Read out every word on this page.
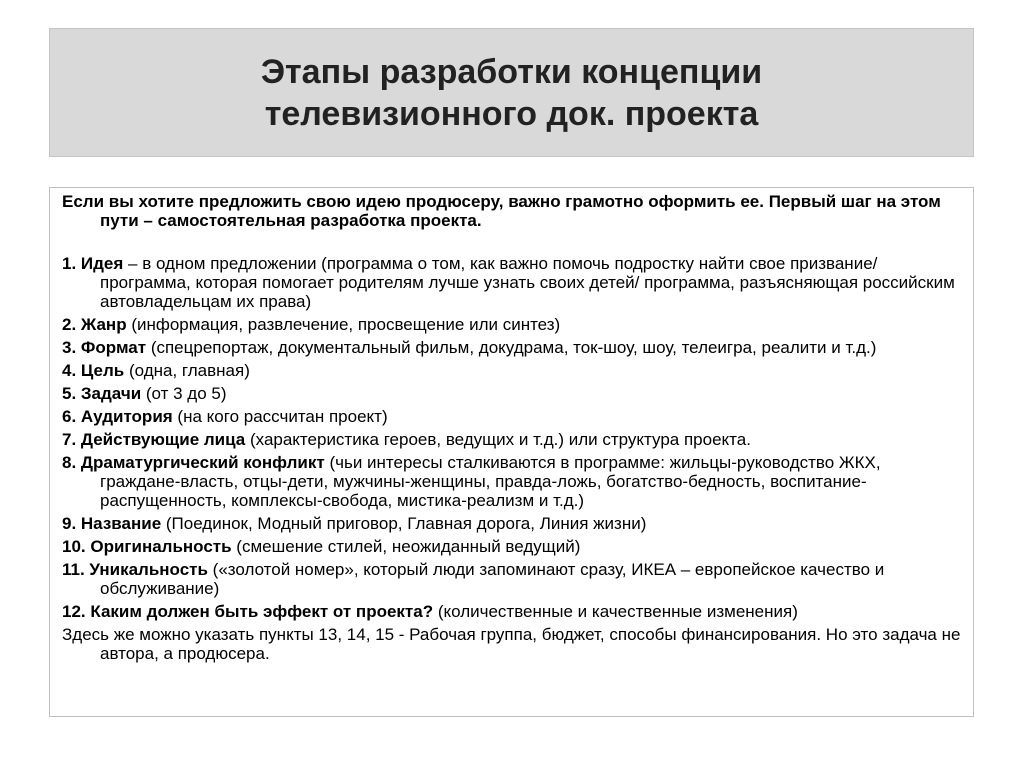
Этапы разработки концепции
телевизионного док. проекта

Если вы хотите предложить свою идею продюсеру, важно грамотно оформить ее. Первый шаг на этом пути – самостоятельная разработка проекта.

1. Идея – в одном предложении (программа о том, как важно помочь подростку найти свое призвание/ программа, которая помогает родителям лучше узнать своих детей/ программа, разъясняющая российским автовладельцам их права)

2. Жанр (информация, развлечение, просвещение или синтез)

3. Формат (спецрепортаж, документальный фильм, докудрама, ток-шоу, шоу, телеигра, реалити и т.д.)

4. Цель (одна, главная)

5. Задачи (от 3 до 5)

6. Аудитория (на кого рассчитан проект)

7. Действующие лица (характеристика героев, ведущих и т.д.) или структура проекта.

8. Драматургический конфликт (чьи интересы сталкиваются в программе: жильцы-руководство ЖКХ, граждане-власть, отцы-дети, мужчины-женщины, правда-ложь, богатство-бедность, воспитание-распущенность, комплексы-свобода, мистика-реализм и т.д.)

9. Название (Поединок, Модный приговор, Главная дорога, Линия жизни)

10. Оригинальность (смешение стилей, неожиданный ведущий)

11. Уникальность («золотой номер», который люди запоминают сразу, ИКЕА – европейское качество и обслуживание)

12. Каким должен быть эффект от проекта? (количественные и качественные изменения)

Здесь же можно указать пункты 13, 14, 15 - Рабочая группа, бюджет, способы финансирования. Но это задача не автора, а продюсера.
